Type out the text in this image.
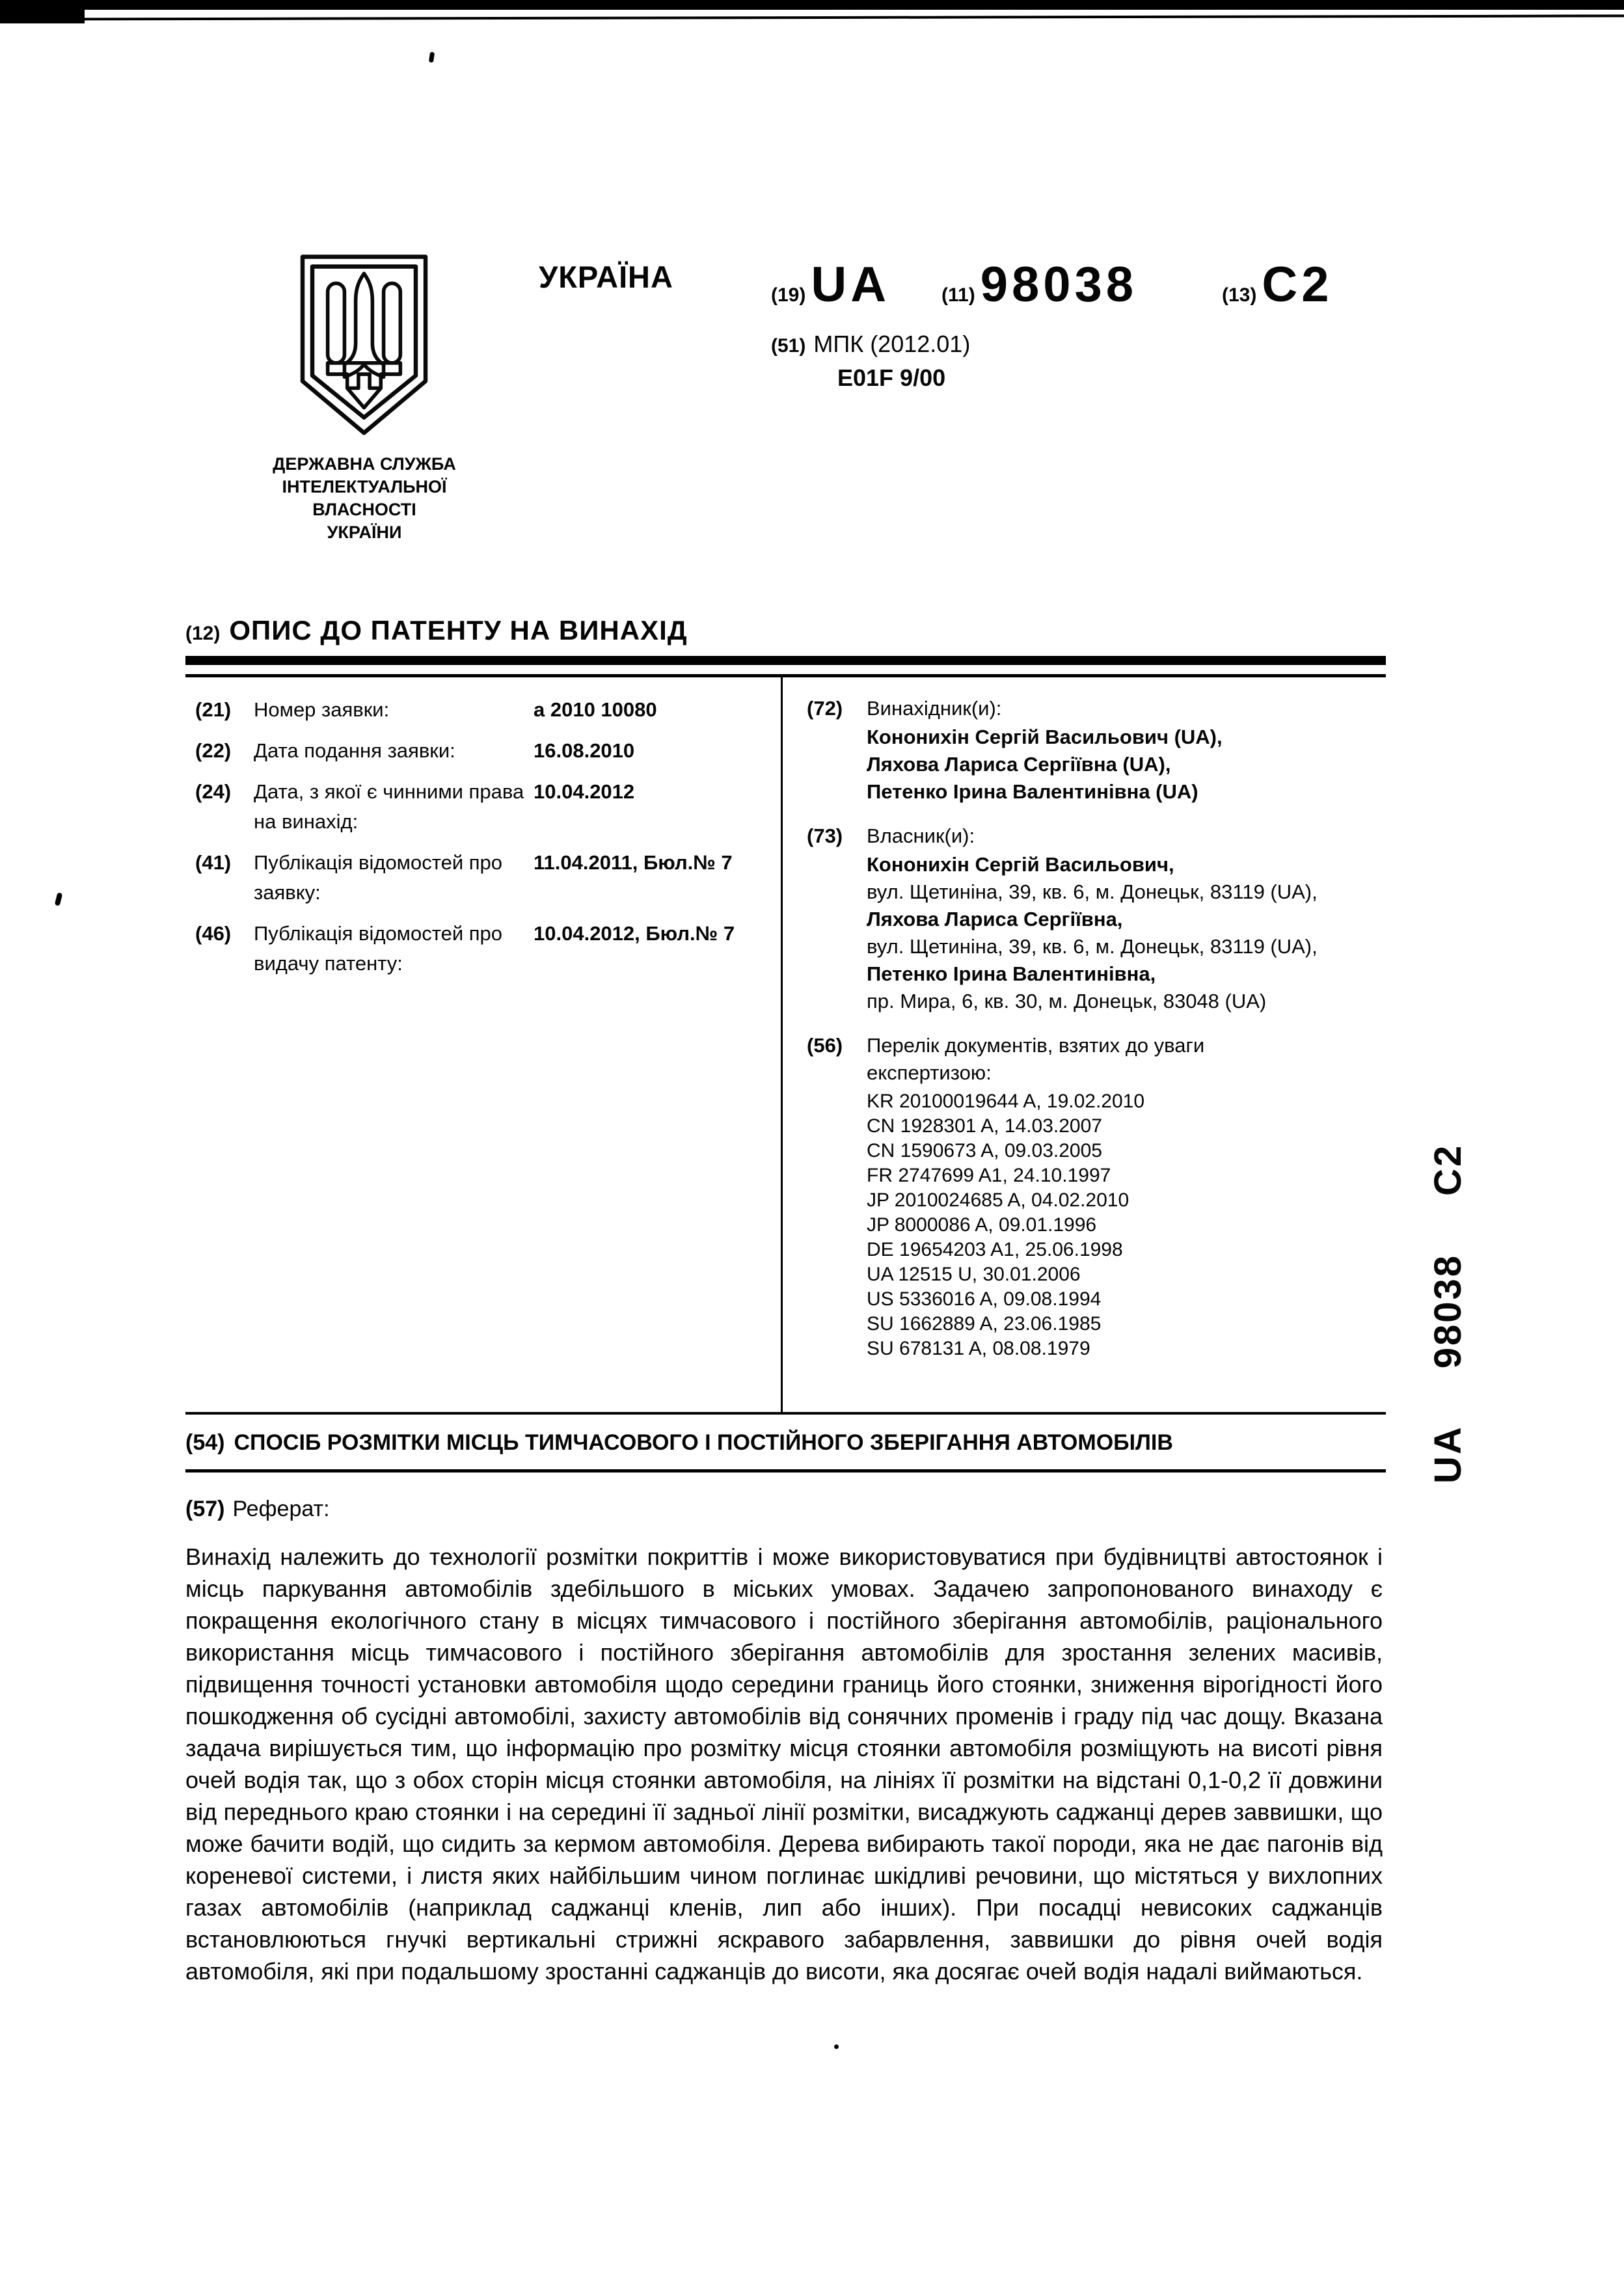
ДЕРЖАВНА СЛУЖБА
ІНТЕЛЕКТУАЛЬНОЇ
ВЛАСНОСТІ
УКРАЇНИ
УКРАЇНА
(19) UA	(11) 98038	(13) C2
(51) МПК (2012.01)
E01F 9/00
(12) ОПИС ДО ПАТЕНТУ НА ВИНАХІД
(21)	Номер заявки:	а 2010 10080
(22)	Дата подання заявки:	16.08.2010
(24)	Дата, з якої є чинними права на винахід:
10.04.2012
(41)	Публікація відомостей про заявку:
11.04.2011, Бюл.№ 7
(46)	Публікація відомостей про видачу патенту:
10.04.2012, Бюл.№ 7
(72)	Винахідник(и):
Кононихін Сергій Васильович (UA),
Ляхова Лариса Сергіївна (UA),
Петенко Ірина Валентинівна (UA)
(73)	Власник(и):
Кононихін Сергій Васильович,
вул. Щетиніна, 39, кв. 6, м. Донецьк, 83119 (UA),
Ляхова Лариса Сергіївна,
вул. Щетиніна, 39, кв. 6, м. Донецьк, 83119 (UA),
Петенко Ірина Валентинівна,
пр. Мира, 6, кв. 30, м. Донецьк, 83048 (UA)
(56)	Перелік документів, взятих до уваги експертизою:
KR 20100019644 A, 19.02.2010
CN 1928301 A, 14.03.2007
CN 1590673 A, 09.03.2005
FR 2747699 A1, 24.10.1997
JP 2010024685 A, 04.02.2010
JP 8000086 A, 09.01.1996
DE 19654203 A1, 25.06.1998
UA 12515 U, 30.01.2006
US 5336016 A, 09.08.1994
SU 1662889 A, 23.06.1985
SU 678131 A, 08.08.1979
(54) СПОСІБ РОЗМІТКИ МІСЦЬ ТИМЧАСОВОГО І ПОСТІЙНОГО ЗБЕРІГАННЯ АВТОМОБІЛІВ
(57) Реферат:
Винахід належить до технології розмітки покриттів і може використовуватися при будівництві автостоянок і місць паркування автомобілів здебільшого в міських умовах. Задачею запропонованого винаходу є покращення екологічного стану в місцях тимчасового і постійного зберігання автомобілів, раціонального використання місць тимчасового і постійного зберігання автомобілів для зростання зелених масивів, підвищення точності установки автомобіля щодо середини границь його стоянки, зниження вірогідності його пошкодження об сусідні автомобілі, захисту автомобілів від сонячних променів і граду під час дощу. Вказана задача вирішується тим, що інформацію про розмітку місця стоянки автомобіля розміщують на висоті рівня очей водія так, що з обох сторін місця стоянки автомобіля, на лініях її розмітки на відстані 0,1-0,2 її довжини від переднього краю стоянки і на середині її задньої лінії розмітки, висаджують саджанці дерев заввишки, що може бачити водій, що сидить за кермом автомобіля. Дерева вибирають такої породи, яка не дає пагонів від кореневої системи, і листя яких найбільшим чином поглинає шкідливі речовини, що містяться у вихлопних газах автомобілів (наприклад саджанці кленів, лип або інших). При посадці невисоких саджанців встановлюються гнучкі вертикальні стрижні яскравого забарвлення, заввишки до рівня очей водія автомобіля, які при подальшому зростанні саджанців до висоти, яка досягає очей водія надалі виймаються.
UA 98038 C2
